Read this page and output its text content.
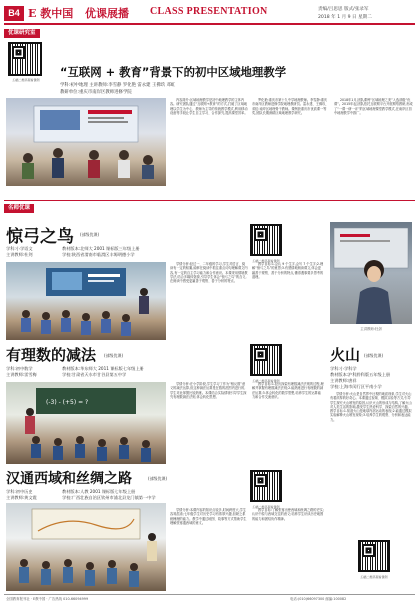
B4 E 教中国 优课展播 CLASS PRESENTATION	责编/吕思思 版式/张录军
2018 年 1 月 9 日 星期二
优课研究室
扫描二维码观看课例
“互联网 + 教育”背景下的初中区域地理教学
学科:初中地理 主讲教师:李雪静 罗化艳 雷永建 王佛玖 邓虹
教研单位:重庆市南岸区教师进修学院

内容简介:区域地理教学是初中地理教学的主体内容。研究团队通过“互联网+教育”的方式,打破了区域地理以学生为中心、教师为主导的传统教学模式,利用移动设备等手段让学生自主学习、合作探究,提高课堂效率。

罗化艳:重庆市第十九中学地理教师。李雪静:重庆市南岸区教师进修学院地理教研员。雷永建、王佛玖、邓虹:南岸区地理骨干教师。课例获重庆市优质课一等奖,团队长期深耕区域地理教学研究。

2018年1月,团队课例“区域地理之美”入选部级“优课”。2015年起,团队依托互联网平台开展网络教研,形成了“一课一研一评”的区域地理课堂教学模式,在南岸区初中地理教学中推广。

名师优课
惊弓之鸟 (部级优课)
学科:小学语文
主讲教师:杜剑
教材版本:北师大 2001 课标版三年级上册
学校:陕西省渭南市临渭区丰塬明德小学
扫描二维码观看课例

学情分析:经过一、二年级的学习,学生对语言、阅读有一定的积累,能够在阅读中抓住重点词句理解课文内容,有一定的自主学习能力和合作意识。本课采用情境教学法,结合多媒体资源,引导学生体会“惊弓之鸟”的含义,在朗读中感受更羸善于观察、善于分析的特点。

教学目标:1.会认 9 个生字,会写 7 个生字;2.理解“惊弓之鸟”的意思;3.有感情地朗读课文,体会更羸善于观察、善于分析的特点,懂得遇事要多思考的道理。

主讲教师:杜剑
有理数的减法 (部级优课)
学科:初中数学
主讲教师:雷雪梅
教材版本:华东师大 2011 课标版七年级上册
学校:甘肃省天水市甘谷县第五中学
扫描二维码观看课例
(-3) - (+5) = ?

学情分析:在小学阶段,学生学习了作为“相反数”意义的减法运算,但这种减法运算是在数的范围内进行的,学生对此掌握比较熟练。本课结合实际情境引导学生探究有理数减法法则,体会转化思想。

教学目标:1.经历探索有理数减法法则的过程,理解并掌握有理数减法法则;2.能熟练进行有理数的减法运算;3.体会转化的数学思想,培养学生的运算能力和合作交流意识。

火山 (部级优课)
学科:小学科学
教材版本:沪科黔科版五年级上册
主讲教师:唐祥
学校:上海市闵行区平南小学

学情分析:火山是自然界中壮观的地质现象,学生对火山有着浓厚的好奇心。本课通过视频、模拟实验等方式,引导学生探究火山喷发的原因,认识火山的形成与结构,了解火山对人类生活的影响,激发学生热爱科学、探索自然的兴趣。教学目标:1.知道火山是地球内部运动的表现;2.能通过模拟实验解释火山喷发现象;3.培养学生的观察、分析和表达能力。

扫描二维码观看课例
汉通西域和丝绸之路	(部级优课)
学科:初中历史
主讲教师:黄文霞
教材版本:人教 2001 课标版七年级上册
学校:广西壮族自治区钦州市浦北县龙门镇第一中学
扫描二维码观看课例

学情分析:本课内容的知识点较多,时间跨度大,学生容易混淆;七年级学生对历史学习有浓厚兴趣,但缺乏系统梳理的能力。教学中通过地图、故事等方式帮助学生理解张骞通西域的意义。

教学目标:了解张骞出使西域和丝绸之路的史实;认识中原与西域交往的意义;培养学生识读历史地图的能力和团结协作精神。

全国教育报刊社 · E教中国 · 广告热线 010-66094999	电话:(010)66097300 邮编:100082
